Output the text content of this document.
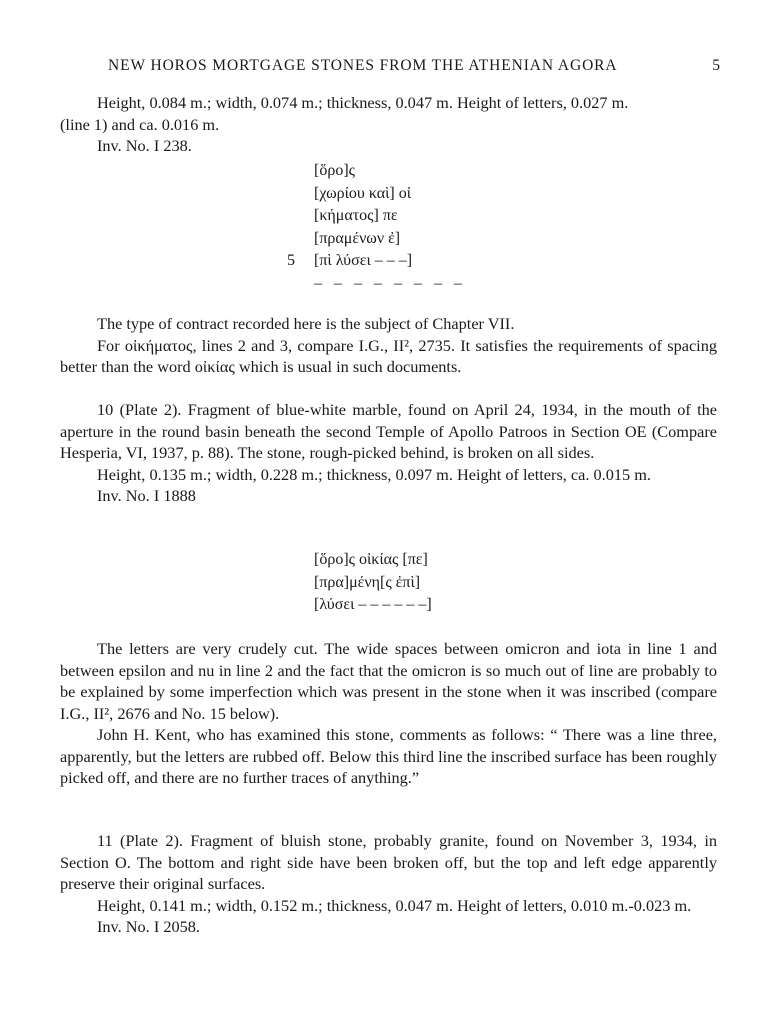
NEW HOROS MORTGAGE STONES FROM THE ATHENIAN AGORA	5

Height, 0.084 m.; width, 0.074 m.; thickness, 0.047 m. Height of letters, 0.027 m.

(line 1) and ca. 0.016 m.

Inv. No. I 238.

[ὅρο]ς
[χωρίου καὶ] οἰ
[κήματος] πε
[πραμένων ἐ]
5 [πὶ λύσει – – –]
– – – – – – – –

The type of contract recorded here is the subject of Chapter VII.

For οἰκήματος, lines 2 and 3, compare I.G., II², 2735. It satisfies the requirements of spacing better than the word οἰκίας which is usual in such documents.

10 (Plate 2). Fragment of blue-white marble, found on April 24, 1934, in the mouth of the aperture in the round basin beneath the second Temple of Apollo Patroos in Section OE (Compare Hesperia, VI, 1937, p. 88). The stone, rough-picked behind, is broken on all sides.

Height, 0.135 m.; width, 0.228 m.; thickness, 0.097 m. Height of letters, ca. 0.015 m.

Inv. No. I 1888

[ὅρο]ς οἰκίας [πε]
[πρα]μένη[ς ἐπὶ]
[λύσει – – – – – –]

The letters are very crudely cut. The wide spaces between omicron and iota in line 1 and between epsilon and nu in line 2 and the fact that the omicron is so much out of line are probably to be explained by some imperfection which was present in the stone when it was inscribed (compare I.G., II², 2676 and No. 15 below).

John H. Kent, who has examined this stone, comments as follows: “ There was a line three, apparently, but the letters are rubbed off. Below this third line the inscribed surface has been roughly picked off, and there are no further traces of anything.”

11 (Plate 2). Fragment of bluish stone, probably granite, found on November 3, 1934, in Section O. The bottom and right side have been broken off, but the top and left edge apparently preserve their original surfaces.

Height, 0.141 m.; width, 0.152 m.; thickness, 0.047 m. Height of letters, 0.010 m.-0.023 m.

Inv. No. I 2058.
